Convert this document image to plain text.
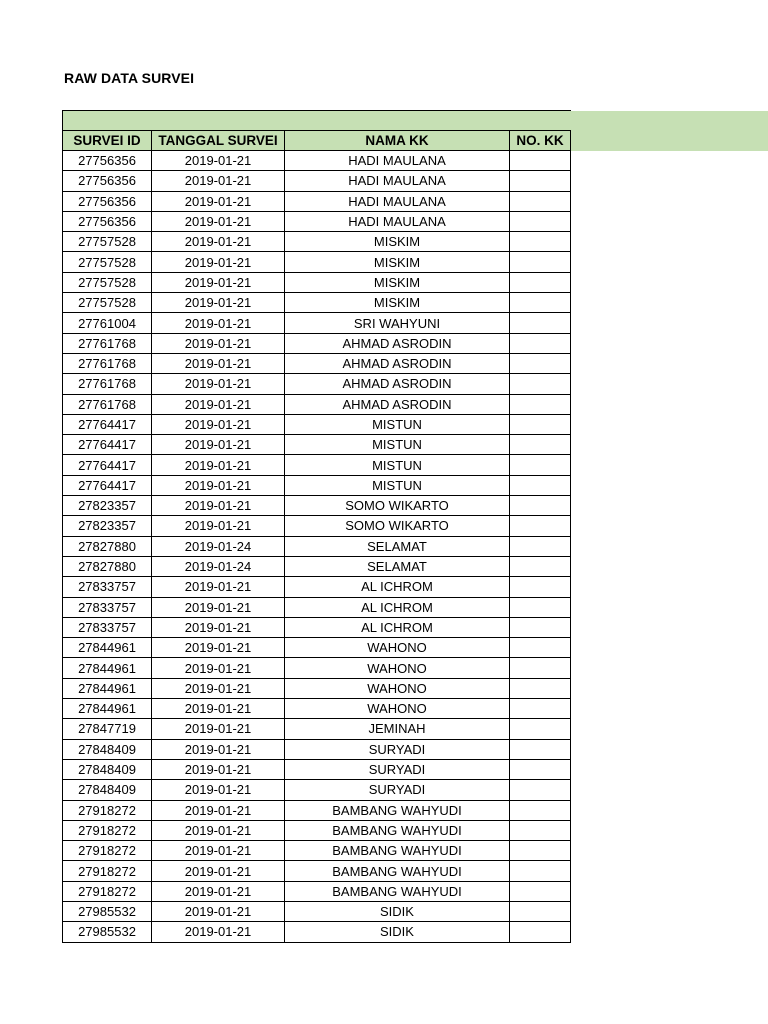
RAW DATA SURVEI
SURVEI ID	TANGGAL SURVEI	NAMA KK	NO. KK
27756356	2019-01-21	HADI MAULANA	
27756356	2019-01-21	HADI MAULANA	
27756356	2019-01-21	HADI MAULANA	
27756356	2019-01-21	HADI MAULANA	
27757528	2019-01-21	MISKIM	
27757528	2019-01-21	MISKIM	
27757528	2019-01-21	MISKIM	
27757528	2019-01-21	MISKIM	
27761004	2019-01-21	SRI WAHYUNI	
27761768	2019-01-21	AHMAD ASRODIN	
27761768	2019-01-21	AHMAD ASRODIN	
27761768	2019-01-21	AHMAD ASRODIN	
27761768	2019-01-21	AHMAD ASRODIN	
27764417	2019-01-21	MISTUN	
27764417	2019-01-21	MISTUN	
27764417	2019-01-21	MISTUN	
27764417	2019-01-21	MISTUN	
27823357	2019-01-21	SOMO WIKARTO	
27823357	2019-01-21	SOMO WIKARTO	
27827880	2019-01-24	SELAMAT	
27827880	2019-01-24	SELAMAT	
27833757	2019-01-21	AL ICHROM	
27833757	2019-01-21	AL ICHROM	
27833757	2019-01-21	AL ICHROM	
27844961	2019-01-21	WAHONO	
27844961	2019-01-21	WAHONO	
27844961	2019-01-21	WAHONO	
27844961	2019-01-21	WAHONO	
27847719	2019-01-21	JEMINAH	
27848409	2019-01-21	SURYADI	
27848409	2019-01-21	SURYADI	
27848409	2019-01-21	SURYADI	
27918272	2019-01-21	BAMBANG WAHYUDI	
27918272	2019-01-21	BAMBANG WAHYUDI	
27918272	2019-01-21	BAMBANG WAHYUDI	
27918272	2019-01-21	BAMBANG WAHYUDI	
27918272	2019-01-21	BAMBANG WAHYUDI	
27985532	2019-01-21	SIDIK	
27985532	2019-01-21	SIDIK	
